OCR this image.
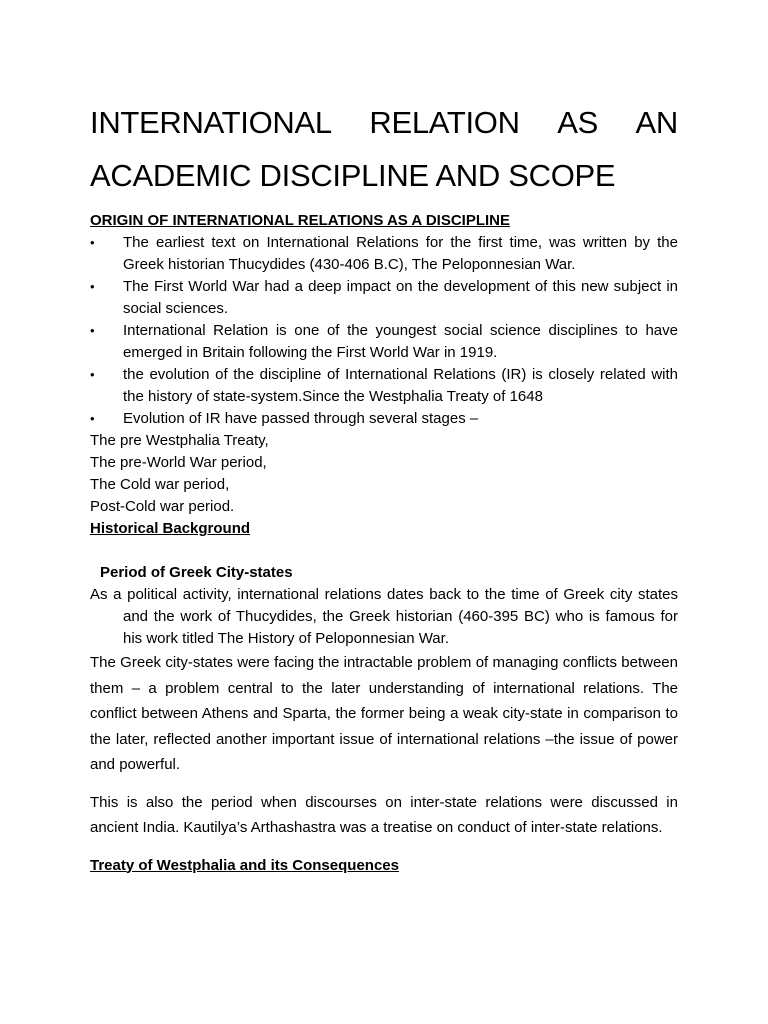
INTERNATIONAL RELATION AS AN
ACADEMIC DISCIPLINE AND SCOPE

ORIGIN OF INTERNATIONAL RELATIONS AS A DISCIPLINE

•	The earliest text on International Relations for the first time, was written by the Greek historian Thucydides (430-406 B.C), The Peloponnesian War.
•	The First World War had a deep impact on the development of this new subject in social sciences.
•	International Relation is one of the youngest social science disciplines to have emerged in Britain following the First World War in 1919.
•	the evolution of the discipline of International Relations (IR) is closely related with the history of state-system.Since the Westphalia Treaty of 1648
•	Evolution of IR have passed through several stages –

The pre Westphalia Treaty,

The pre-World War period,

The Cold war period,

Post-Cold war period.

Historical Background

Period of Greek City-states

As a political activity, international relations dates back to the time of Greek city states and the work of Thucydides, the Greek historian (460-395 BC) who is famous for his work titled The History of Peloponnesian War.

The Greek city-states were facing the intractable problem of managing conflicts between them – a problem central to the later understanding of international relations. The conflict between Athens and Sparta, the former being a weak city-state in comparison to the later, reflected another important issue of international relations –the issue of power and powerful.

This is also the period when discourses on inter-state relations were discussed in ancient India. Kautilya’s Arthashastra was a treatise on conduct of inter-state relations.

Treaty of Westphalia and its Consequences
